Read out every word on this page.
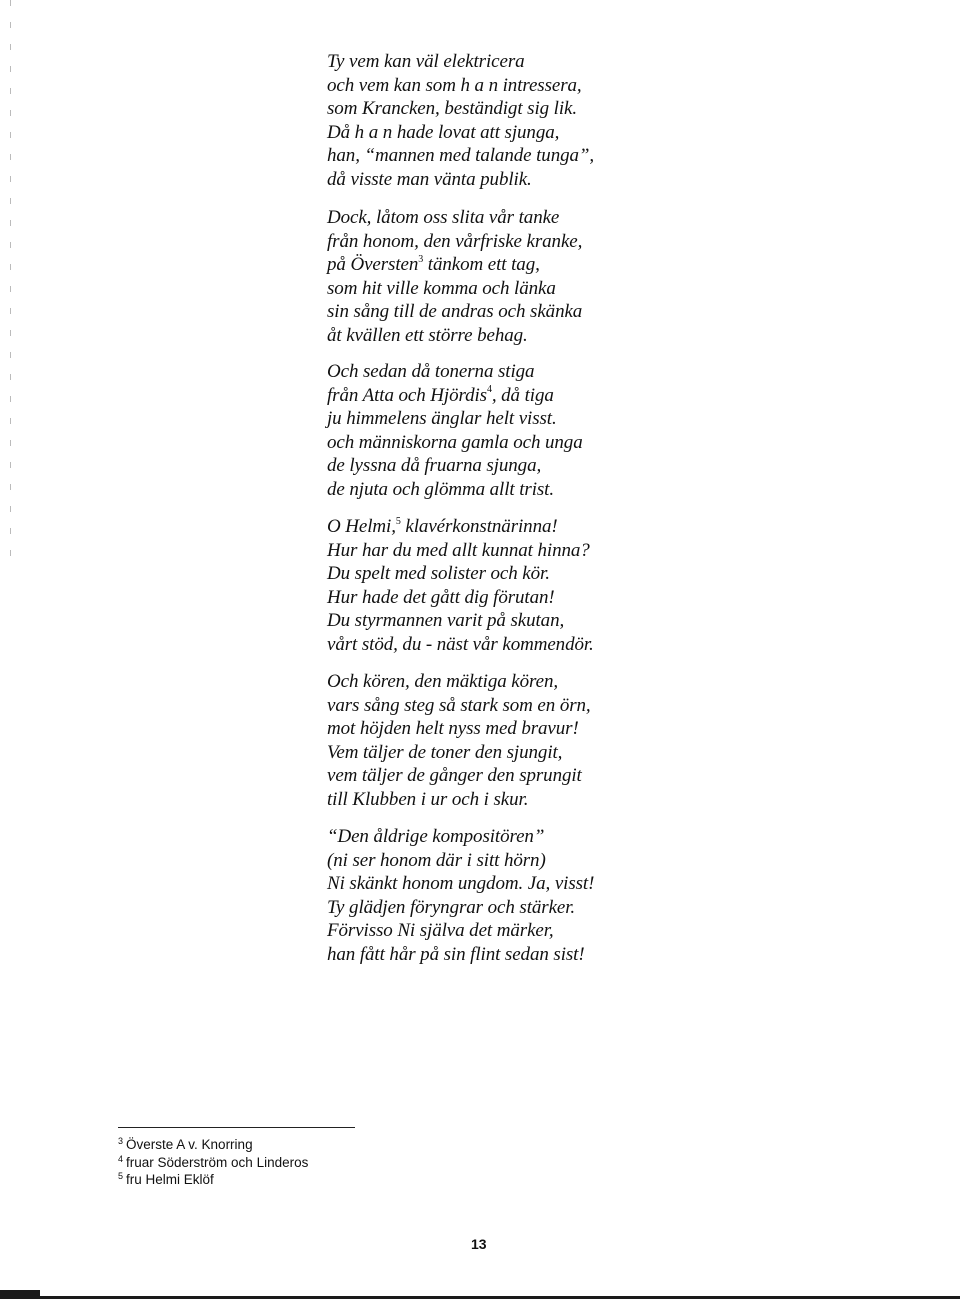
Ty vem kan väl elektricera
och vem kan som h a n intressera,
som Krancken, beständigt sig lik.
Då h a n hade lovat att sjunga,
han, “mannen med talande tunga”,
då visste man vänta publik.
Dock, låtom oss slita vår tanke
från honom, den vårfriske kranke,
på Översten$^3$ tänkom ett tag,
som hit ville komma och länka
sin sång till de andras och skänka
åt kvällen ett större behag.
Och sedan då tonerna stiga
från Atta och Hjördis$^4$, då tiga
ju himmelens änglar helt visst.
och människorna gamla och unga
de lyssna då fruarna sjunga,
de njuta och glömma allt trist.
O Helmi,$^5$ klavérkonstnärinna!
Hur har du med allt kunnat hinna?
Du spelt med solister och kör.
Hur hade det gått dig förutan!
Du styrmannen varit på skutan,
vårt stöd, du - näst vår kommendör.
Och kören, den mäktiga kören,
vars sång steg så stark som en örn,
mot höjden helt nyss med bravur!
Vem täljer de toner den sjungit,
vem täljer de gånger den sprungit
till Klubben i ur och i skur.
“Den åldrige kompositören”
(ni ser honom där i sitt hörn)
Ni skänkt honom ungdom. Ja, visst!
Ty glädjen föryngrar och stärker.
Förvisso Ni själva det märker,
han fått hår på sin flint sedan sist!
$^3$ Överste A v. Knorring
$^4$ fruar Söderström och Linderos
$^5$ fru Helmi Eklöf
13
